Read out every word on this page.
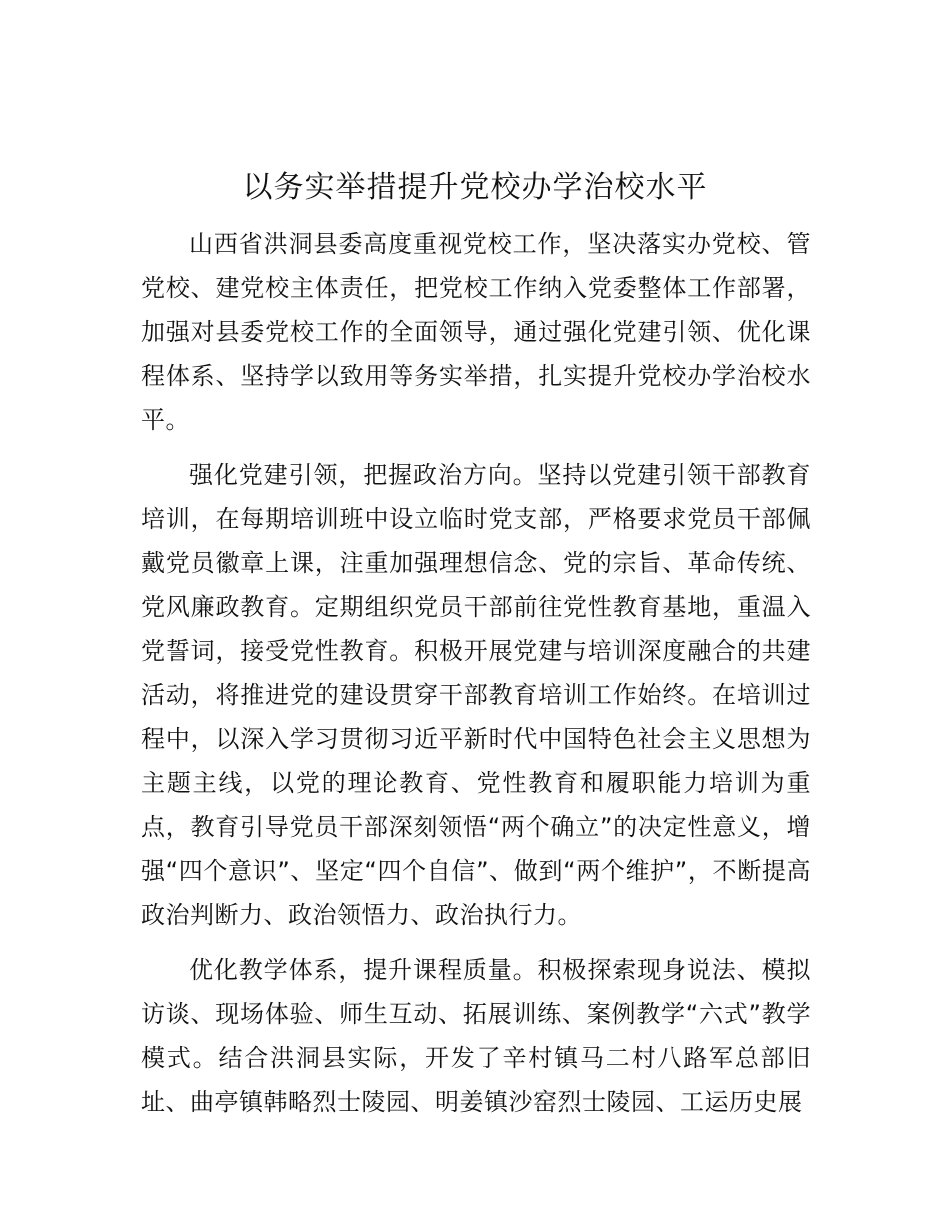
以务实举措提升党校办学治校水平

山西省洪洞县委高度重视党校工作，坚决落实办党校、管党校、建党校主体责任，把党校工作纳入党委整体工作部署，加强对县委党校工作的全面领导，通过强化党建引领、优化课程体系、坚持学以致用等务实举措，扎实提升党校办学治校水平。

强化党建引领，把握政治方向。坚持以党建引领干部教育培训，在每期培训班中设立临时党支部，严格要求党员干部佩戴党员徽章上课，注重加强理想信念、党的宗旨、革命传统、党风廉政教育。定期组织党员干部前往党性教育基地，重温入党誓词，接受党性教育。积极开展党建与培训深度融合的共建活动，将推进党的建设贯穿干部教育培训工作始终。在培训过程中，以深入学习贯彻习近平新时代中国特色社会主义思想为主题主线，以党的理论教育、党性教育和履职能力培训为重点，教育引导党员干部深刻领悟“两个确立”的决定性意义，增强“四个意识”、坚定“四个自信”、做到“两个维护”，不断提高政治判断力、政治领悟力、政治执行力。

优化教学体系，提升课程质量。积极探索现身说法、模拟访谈、现场体验、师生互动、拓展训练、案例教学“六式”教学模式。结合洪洞县实际，开发了辛村镇马二村八路军总部旧址、曲亭镇韩略烈士陵园、明姜镇沙窑烈士陵园、工运历史展
